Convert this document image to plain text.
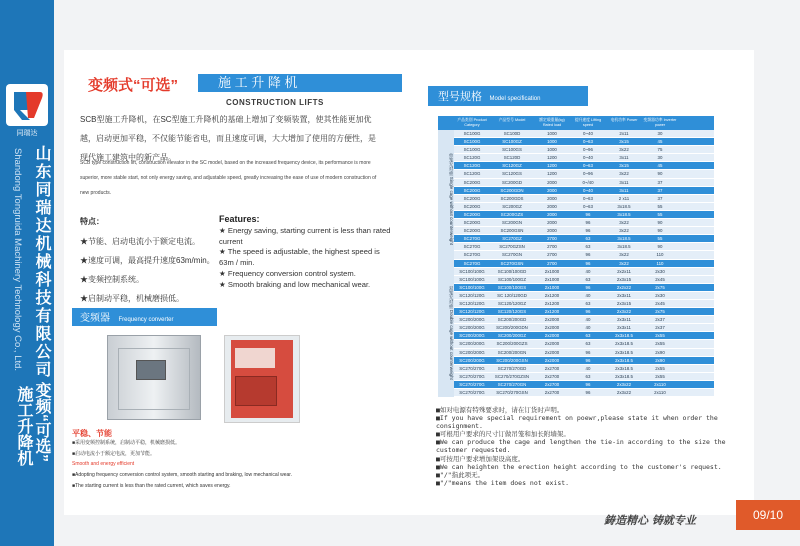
同瑞达
山东同瑞达机械科技有限公司
Shandong Tongruida Machinery Technology Co., Ltd.
变频“可选”
施工升降机
变频式“可选”	施 工 升 降 机
CONSTRUCTION LIFTS
SCB型施工升降机，在SC型施工升降机的基础上增加了变频装置，使其性能更加优越，启动更加平稳，不仅能节能省电，而且速度可调，大大增加了使用的方便性，是现代施工建筑中的新产品。
SCB type construction lift, construction elevator in the SC model, based on the increased frequency device, its performance is more superior, more stable start, not only energy saving, and adjustable speed, greatly increasing the ease of use of modern construction of new products.
特点：
★节能、启动电流小于额定电流。
★速度可调，最高提升速度63m/min。
★变频控制系统。
★启制动平稳，机械磨损低。
Features:
★ Energy saving, starting current is less than rated current
★ The speed is adjustable, the highest speed is 63m / min.
★ Frequency conversion control system.
★ Smooth braking and low mechanical wear.
变频器 Frequency converter
平稳、节能
■采用变频控制系统，启制动平稳，机械磨损低。
■启动电流小于额定电流，更加节能。
Smooth and energy efficient
■Adopting frequency conversion control system, smooth starting and braking, low mechanical wear.
■The starting current is less than the rated current, which saves energy.
型号规格 Model specification
产品类别 Product Category
产品型号 Model	额定载重量(kg) Rated load
提升速度 Lifting speed
电机功率 Power	变频器功率 Inverter power
SC100G	SC100D	1000	0~40	2x11	30
SC100G	SC100GZ	1000	0~63	3x15	45
SC100G	SC100GS	1000	0~96	3x22	75
SC120G	SC120D	1200	0~40	3x11	30
SC120G	SC120GZ	1200	0~63	3x15	45
SC120G	SC120GS	1200	0~96	3x22	90
SC200G	SC200GD	2000	0~/40	3x11	37
SC200G	SC200GDN	2000	0~40	3x11	37
SC200G	SC200GDS	2000	0~63	2 x11	37
SC200G	SC200GZ	2000	0~63	3x18.5	55
SC200G	SC200GZS	2000	96	3x18.5	55
SC200G	SC200GN	2000	96	3x22	90
SC200G	SC200GSN	2000	96	3x22	90
SC270G	SC270GZ	2700	63	3x18.5	55
SC270G	SC270GZSN	2700	63	3x18.5	90
SC270G	SC270GN	2700	96	3x22	110
SC270G	SC270GSN	2700	96	3x22	110
SC100/100G	SC100/100GD	2x1000	40	2x2x11	2x30
SC100/100G	SC100/100GZ	2x1000	63	2x3x15	2x45
SC100/100G	SC100/100GS	2x1000	96	2x2x22	2x75
SC120/120G	SC 120/120GD	2x1200	40	2x3x11	2x30
SC120/120G	SC120/120GZ	2x1200	63	2x3x15	2x45
SC120/120G	SC120/120GS	2x1200	96	2x3x22	2x75
SC200/200G	SC200/200GD	2x2000	40	2x3x11	2x37
SC200/200G	SC200/200GDN	2x2000	40	2x3x11	2x37
SC200/200G	SC200/200GZ	2x2000	63	2x3x18.5	2x55
SC200/200G	SC200/200GZS	2x2000	63	2x3x18.5	2x55
SC200/200G	SC200/200GN	2x2000	96	2x3x18.5	2x90
SC200/200G	SC200/200GSN	2x2000	96	2x3x18.5	2x90
SC270/270G	SC270/270GD	2x2700	40	2x3x18.5	2x55
SC270/270G	SC270/270GZSN	2x2700	63	2x3x18.5	2x55
SC270/270G	SC270/270GN	2x2700	96	2x3x22	2x110
SC270/270G	SC270/270GSN	2x2700	96	2x3x22	2x110
■如对电源有特殊要求时，请在订货时声明。
■If you have special requirement on poewr,please state it when order the consignment.
■可根用户要求的尺寸订做吊笼和加长附墙架。
■We can produce the cage and lengthen the tie-in according to the size the customer requested.
■可按用户要求增加架设高度。
■We can heighten the erection height according to the customer's request.
■"/"指此项无。
■"/"means the item does not exist.
鋳造精心 铸就专业	09/10
单笼无对重 Single cage without counterweight
双笼无对重 Double cage without counterweight
